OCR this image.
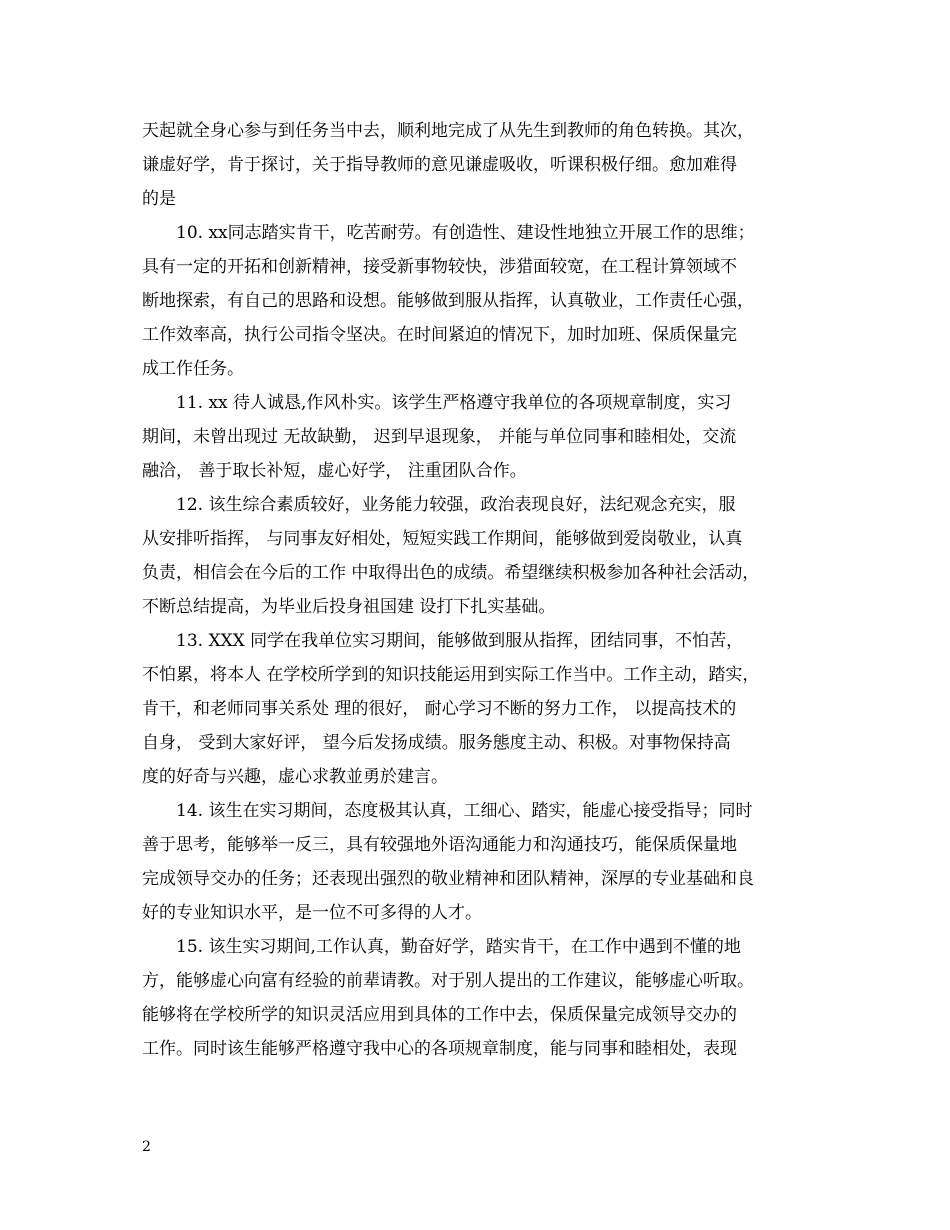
天起就全身心参与到任务当中去，顺利地完成了从先生到教师的角色转换。其次，
谦虚好学，肯于探讨，关于指导教师的意见谦虚吸收，听课积极仔细。愈加难得
的是
　　10. xx同志踏实肯干，吃苦耐劳。有创造性、建设性地独立开展工作的思维；
具有一定的开拓和创新精神，接受新事物较快，涉猎面较宽，在工程计算领域不
断地探索，有自己的思路和设想。能够做到服从指挥，认真敬业，工作责任心强，
工作效率高，执行公司指令坚决。在时间紧迫的情况下，加时加班、保质保量完
成工作任务。
　　11. xx 待人诚恳,作风朴实。该学生严格遵守我单位的各项规章制度，实习
期间，未曾出现过 无故缺勤， 迟到早退现象， 并能与单位同事和睦相处，交流
融洽， 善于取长补短，虚心好学， 注重团队合作。
　　12. 该生综合素质较好，业务能力较强，政治表现良好，法纪观念充实，服
从安排听指挥， 与同事友好相处，短短实践工作期间，能够做到爱岗敬业，认真
负责，相信会在今后的工作 中取得出色的成绩。希望继续积极参加各种社会活动，
不断总结提高，为毕业后投身祖国建 设打下扎实基础。
　　13. XXX 同学在我单位实习期间，能够做到服从指挥，团结同事，不怕苦，
不怕累，将本人 在学校所学到的知识技能运用到实际工作当中。工作主动，踏实，
肯干，和老师同事关系处 理的很好， 耐心学习不断的努力工作， 以提高技术的
自身， 受到大家好评， 望今后发扬成绩。服务態度主动、积极。对事物保持高
度的好奇与兴趣，虚心求教並勇於建言。
　　14. 该生在实习期间，态度极其认真，工细心、踏实，能虚心接受指导；同时
善于思考，能够举一反三，具有较强地外语沟通能力和沟通技巧，能保质保量地
完成领导交办的任务；还表现出强烈的敬业精神和团队精神，深厚的专业基础和良
好的专业知识水平，是一位不可多得的人才。
　　15. 该生实习期间,工作认真，勤奋好学，踏实肯干，在工作中遇到不懂的地
方，能够虚心向富有经验的前辈请教。对于别人提出的工作建议，能够虚心听取。
能够将在学校所学的知识灵活应用到具体的工作中去，保质保量完成领导交办的
工作。同时该生能够严格遵守我中心的各项规章制度，能与同事和睦相处，表现
2
